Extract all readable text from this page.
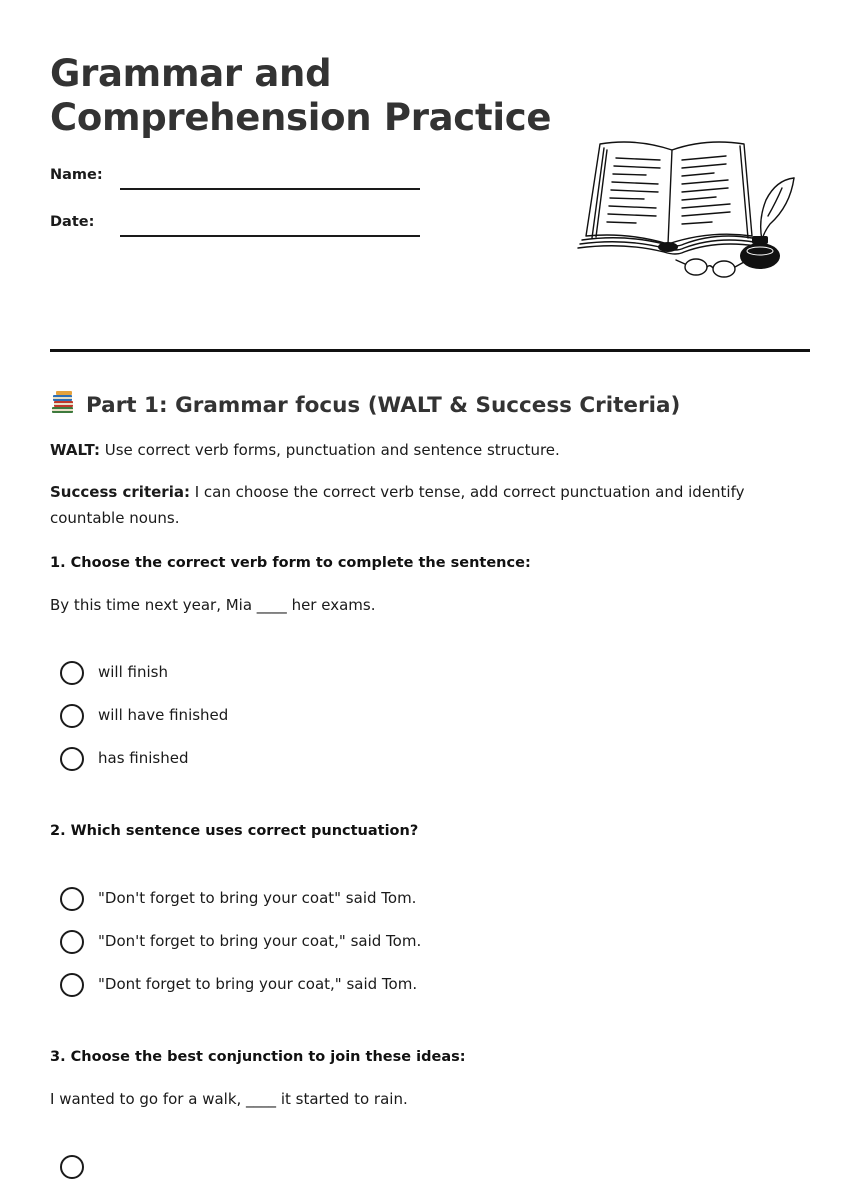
Grammar and
Comprehension Practice
Name:
Date:
Part 1: Grammar focus (WALT & Success Criteria)

WALT: Use correct verb forms, punctuation and sentence structure.

Success criteria: I can choose the correct verb tense, add correct punctuation and identify countable nouns.

1. Choose the correct verb form to complete the sentence:

By this time next year, Mia ____ her exams.

will finish
will have finished
has finished

2. Which sentence uses correct punctuation?

"Don't forget to bring your coat" said Tom.
"Don't forget to bring your coat," said Tom.
"Dont forget to bring your coat," said Tom.

3. Choose the best conjunction to join these ideas:

I wanted to go for a walk, ____ it started to rain.
